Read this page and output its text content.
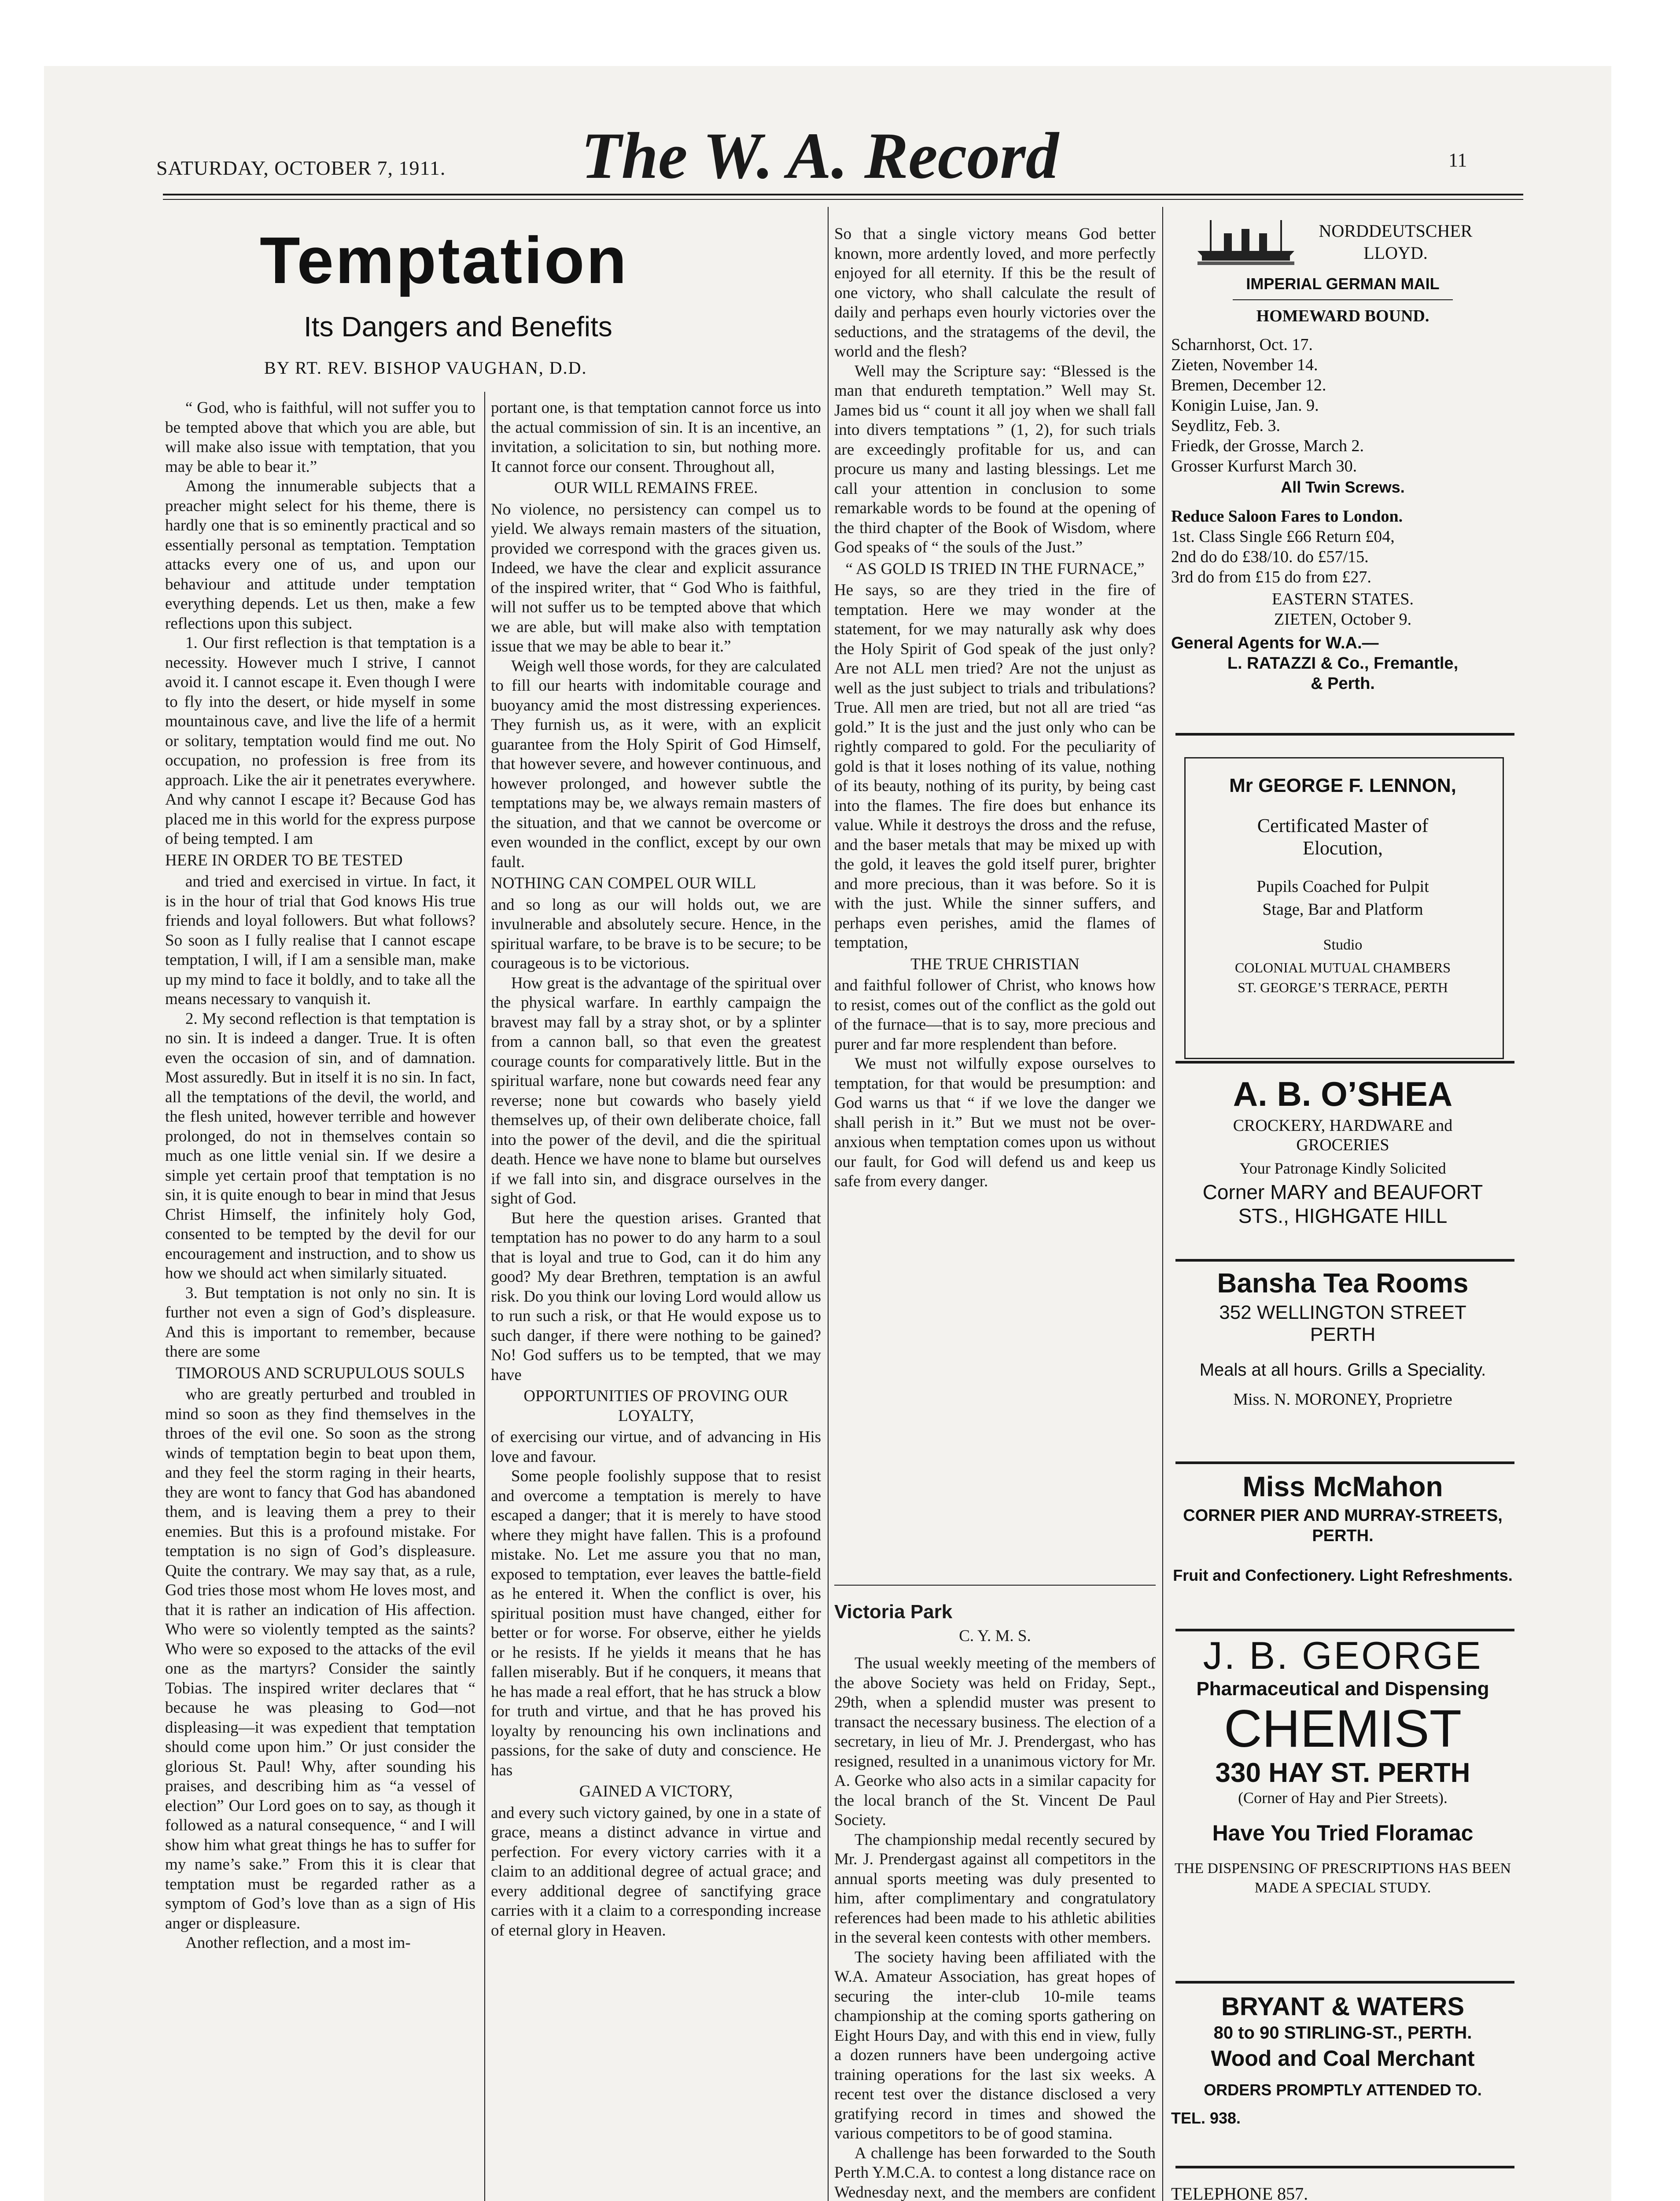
SATURDAY, OCTOBER 7, 1911. The W. A. Record	11
Temptation
Its Dangers and Benefits
BY RT. REV. BISHOP VAUGHAN, D.D.

“ God, who is faithful, will not suffer you to be tempted above that which you are able, but will make also issue with temptation, that you may be able to bear it.”

Among the innumerable subjects that a preacher might select for his theme, there is hardly one that is so eminently practical and so essentially personal as temptation. Temptation attacks every one of us, and upon our behaviour and attitude under temptation everything depends. Let us then, make a few reflections upon this subject.

1. Our first reflection is that temptation is a necessity. However much I strive, I cannot avoid it. I cannot escape it. Even though I were to fly into the desert, or hide myself in some mountainous cave, and live the life of a hermit or solitary, temptation would find me out. No occupation, no profession is free from its approach. Like the air it penetrates everywhere. And why cannot I escape it? Because God has placed me in this world for the express purpose of being tempted. I am

HERE IN ORDER TO BE TESTED

and tried and exercised in virtue. In fact, it is in the hour of trial that God knows His true friends and loyal followers. But what follows? So soon as I fully realise that I cannot escape temptation, I will, if I am a sensible man, make up my mind to face it boldly, and to take all the means necessary to vanquish it.

2. My second reflection is that temptation is no sin. It is indeed a danger. True. It is often even the occasion of sin, and of damnation. Most assuredly. But in itself it is no sin. In fact, all the temptations of the devil, the world, and the flesh united, however terrible and however prolonged, do not in themselves contain so much as one little venial sin. If we desire a simple yet certain proof that temptation is no sin, it is quite enough to bear in mind that Jesus Christ Himself, the infinitely holy God, consented to be tempted by the devil for our encouragement and instruction, and to show us how we should act when similarly situated.

3. But temptation is not only no sin. It is further not even a sign of God’s displeasure. And this is important to remember, because there are some

TIMOROUS AND SCRUPULOUS SOULS

who are greatly perturbed and troubled in mind so soon as they find themselves in the throes of the evil one. So soon as the strong winds of temptation begin to beat upon them, and they feel the storm raging in their hearts, they are wont to fancy that God has abandoned them, and is leaving them a prey to their enemies. But this is a profound mistake. For temptation is no sign of God’s displeasure. Quite the contrary. We may say that, as a rule, God tries those most whom He loves most, and that it is rather an indication of His affection. Who were so violently tempted as the saints? Who were so exposed to the attacks of the evil one as the martyrs? Consider the saintly Tobias. The inspired writer declares that “ because he was pleasing to God—not displeasing—it was expedient that temptation should come upon him.” Or just consider the glorious St. Paul! Why, after sounding his praises, and describing him as “a vessel of election” Our Lord goes on to say, as though it followed as a natural consequence, “ and I will show him what great things he has to suffer for my name’s sake.” From this it is clear that temptation must be regarded rather as a symptom of God’s love than as a sign of His anger or displeasure.

Another reflection, and a most im-

portant one, is that temptation cannot force us into the actual commission of sin. It is an incentive, an invitation, a solicitation to sin, but nothing more. It cannot force our consent. Throughout all,

OUR WILL REMAINS FREE.

No violence, no persistency can compel us to yield. We always remain masters of the situation, provided we correspond with the graces given us. Indeed, we have the clear and explicit assurance of the inspired writer, that “ God Who is faithful, will not suffer us to be tempted above that which we are able, but will make also with temptation issue that we may be able to bear it.”

Weigh well those words, for they are calculated to fill our hearts with indomitable courage and buoyancy amid the most distressing experiences. They furnish us, as it were, with an explicit guarantee from the Holy Spirit of God Himself, that however severe, and however continuous, and however prolonged, and however subtle the temptations may be, we always remain masters of the situation, and that we cannot be overcome or even wounded in the conflict, except by our own fault.

NOTHING CAN COMPEL OUR WILL

and so long as our will holds out, we are invulnerable and absolutely secure. Hence, in the spiritual warfare, to be brave is to be secure; to be courageous is to be victorious.

How great is the advantage of the spiritual over the physical warfare. In earthly campaign the bravest may fall by a stray shot, or by a splinter from a cannon ball, so that even the greatest courage counts for comparatively little. But in the spiritual warfare, none but cowards need fear any reverse; none but cowards who basely yield themselves up, of their own deliberate choice, fall into the power of the devil, and die the spiritual death. Hence we have none to blame but ourselves if we fall into sin, and disgrace ourselves in the sight of God.

But here the question arises. Granted that temptation has no power to do any harm to a soul that is loyal and true to God, can it do him any good? My dear Brethren, temptation is an awful risk. Do you think our loving Lord would allow us to run such a risk, or that He would expose us to such danger, if there were nothing to be gained? No! God suffers us to be tempted, that we may have

OPPORTUNITIES OF PROVING OUR LOYALTY,

of exercising our virtue, and of advancing in His love and favour.

Some people foolishly suppose that to resist and overcome a temptation is merely to have escaped a danger; that it is merely to have stood where they might have fallen. This is a profound mistake. No. Let me assure you that no man, exposed to temptation, ever leaves the battle-field as he entered it. When the conflict is over, his spiritual position must have changed, either for better or for worse. For observe, either he yields or he resists. If he yields it means that he has fallen miserably. But if he conquers, it means that he has made a real effort, that he has struck a blow for truth and virtue, and that he has proved his loyalty by renouncing his own inclinations and passions, for the sake of duty and conscience. He has

GAINED A VICTORY,

and every such victory gained, by one in a state of grace, means a distinct advance in virtue and perfection. For every victory carries with it a claim to an additional degree of actual grace; and every additional degree of sanctifying grace carries with it a claim to a corresponding increase of eternal glory in Heaven.

So that a single victory means God better known, more ardently loved, and more perfectly enjoyed for all eternity. If this be the result of one victory, who shall calculate the result of daily and perhaps even hourly victories over the seductions, and the stratagems of the devil, the world and the flesh?

Well may the Scripture say: “Blessed is the man that endureth temptation.” Well may St. James bid us “ count it all joy when we shall fall into divers temptations ” (1, 2), for such trials are exceedingly profitable for us, and can procure us many and lasting blessings. Let me call your attention in conclusion to some remarkable words to be found at the opening of the third chapter of the Book of Wisdom, where God speaks of “ the souls of the Just.”

“ AS GOLD IS TRIED IN THE FURNACE,”

He says, so are they tried in the fire of temptation. Here we may wonder at the statement, for we may naturally ask why does the Holy Spirit of God speak of the just only? Are not ALL men tried? Are not the unjust as well as the just subject to trials and tribulations? True. All men are tried, but not all are tried “as gold.” It is the just and the just only who can be rightly compared to gold. For the peculiarity of gold is that it loses nothing of its value, nothing of its beauty, nothing of its purity, by being cast into the flames. The fire does but enhance its value. While it destroys the dross and the refuse, and the baser metals that may be mixed up with the gold, it leaves the gold itself purer, brighter and more precious, than it was before. So it is with the just. While the sinner suffers, and perhaps even perishes, amid the flames of temptation,

THE TRUE CHRISTIAN

and faithful follower of Christ, who knows how to resist, comes out of the conflict as the gold out of the furnace—that is to say, more precious and purer and far more resplendent than before.

We must not wilfully expose ourselves to temptation, for that would be presumption: and God warns us that “ if we love the danger we shall perish in it.” But we must not be over-anxious when temptation comes upon us without our fault, for God will defend us and keep us safe from every danger.

Victoria Park
C. Y. M. S.

The usual weekly meeting of the members of the above Society was held on Friday, Sept., 29th, when a splendid muster was present to transact the necessary business. The election of a secretary, in lieu of Mr. J. Prendergast, who has resigned, resulted in a unanimous victory for Mr. A. Georke who also acts in a similar capacity for the local branch of the St. Vincent De Paul Society.

The championship medal recently secured by Mr. J. Prendergast against all competitors in the annual sports meeting was duly presented to him, after complimentary and congratulatory references had been made to his athletic abilities in the several keen contests with other members.

The society having been affiliated with the W.A. Amateur Association, has great hopes of securing the inter-club 10-mile teams championship at the coming sports gathering on Eight Hours Day, and with this end in view, fully a dozen runners have been undergoing active training operations for the last six weeks. A recent test over the distance disclosed a very gratifying record in times and showed the various competitors to be of good stamina.

A challenge has been forwarded to the South Perth Y.M.C.A. to contest a long distance race on Wednesday next, and the members are confident

NORDDEUTSCHER LLOYD.
IMPERIAL GERMAN MAIL
HOMEWARD BOUND.
Scharnhorst, Oct. 17.
Zieten, November 14.
Bremen, December 12.
Konigin Luise, Jan. 9.
Seydlitz, Feb. 3.
Friedk, der Grosse, March 2.
Grosser Kurfurst March 30.
All Twin Screws.
Reduce Saloon Fares to London.
1st. Class Single £66 Return £04,
2nd do do £38/10. do £57/15.
3rd do from £15 do from £27.
EASTERN STATES.
ZIETEN, October 9.
General Agents for W.A.—
L. RATAZZI & Co., Fremantle,
& Perth.
Mr GEORGE F. LENNON,
Certificated Master of
Elocution,
Pupils Coached for Pulpit
Stage, Bar and Platform
Studio
COLONIAL MUTUAL CHAMBERS
ST. GEORGE’S TERRACE, PERTH
A. B. O’SHEA
CROCKERY, HARDWARE and
GROCERIES
Your Patronage Kindly Solicited
Corner MARY and BEAUFORT
STS., HIGHGATE HILL
Bansha Tea Rooms
352 WELLINGTON STREET
PERTH
Meals at all hours. Grills a Speciality.
Miss. N. MORONEY, Proprietre
Miss McMahon
CORNER PIER AND MURRAY-STREETS, PERTH.
Fruit and Confectionery. Light Refreshments.
J. B. GEORGE
Pharmaceutical and Dispensing
CHEMIST
330 HAY ST. PERTH
(Corner of Hay and Pier Streets).
Have You Tried Floramac
THE DISPENSING OF PRESCRIPTIONS HAS BEEN MADE A SPECIAL STUDY.
BRYANT & WATERS
80 to 90 STIRLING-ST., PERTH.
Wood and Coal Merchant
ORDERS PROMPTLY ATTENDED TO.
TEL. 938.
TELEPHONE 857.
